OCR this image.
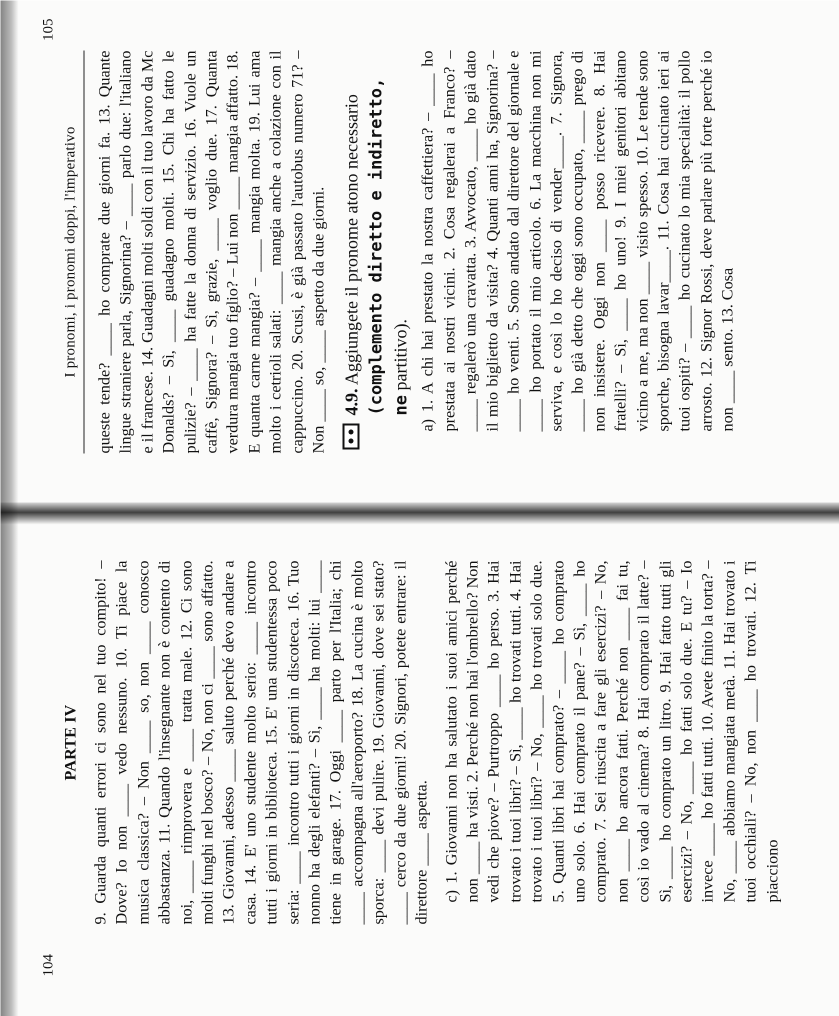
104
PARTE IV 9. Guarda quanti errori ci sono nel tuo compito! – Dove? Io non ____ vedo nessuno. 10. Ti piace la musica classica? – Non ____ so, non ____ conosco abbastanza. 11. Quando l'insegnante non è contento di noi, ____ rimprovera e ____ tratta male. 12. Ci sono molti funghi nel bosco? – No, non ci ____ sono affatto. 13. Giovanni, adesso ____ saluto perché devo andare a casa. 14. E' uno studente molto serio: ____ incontro tutti i giorni in biblioteca. 15. E' una studentessa poco seria: ____ incontro tutti i giorni in discoteca. 16. Tuo nonno ha degli elefanti? – Sì, ____ ha molti: lui ____ tiene in garage. 17. Oggi ____ parto per l'Italia; chi ____ accompagna all'aeroporto? 18. La cucina è molto sporca: ____ devi pulire. 19. Giovanni, dove sei stato? ____ cerco da due giorni! 20. Signori, potete entrare: il direttore ____ aspetta. c) 1. Giovanni non ha salutato i suoi amici perché non ____ ha visti. 2. Perché non hai l'ombrello? Non vedi che piove? – Purtroppo ____ ho perso. 3. Hai trovato i tuoi libri? – Sì, ____ ho trovati tutti. 4. Hai trovato i tuoi libri? – No, ____ ho trovati solo due. 5. Quanti libri hai comprato? – ____ ho comprato uno solo. 6. Hai comprato il pane? – Sì, ____ ho comprato. 7. Sei riuscita a fare gli esercizi? – No, non ____ ho ancora fatti. Perché non ____ fai tu, così io vado al cinema? 8. Hai comprato il latte? – Sì, ____ ho comprato un litro. 9. Hai fatto tutti gli esercizi? – No, ____ ho fatti solo due. E tu? – Io invece ____ ho fatti tutti. 10. Avete finito la torta? – No, ____ abbiamo mangiata metà. 11. Hai trovato i tuoi occhiali? – No, non ____ ho trovati. 12. Ti piacciono

105
I pronomi, i pronomi doppi, l'imperativo	queste tende? ____ ho comprate due giorni fa. 13. Quante lingue straniere parla, Signorina? – ____ parlo due: l'italiano e il francese. 14. Guadagni molti soldi con il tuo lavoro da Mc Donalds? – Sì, ____ guadagno molti. 15. Chi ha fatto le pulizie? – ____ ha fatte la donna di servizio. 16. Vuole un caffè, Signora? – Sì, grazie, ____ voglio due. 17. Quanta verdura mangia tuo figlio? – Lui non ____ mangia affatto. 18. E quanta carne mangia? – ____ mangia molta. 19. Lui ama molto i cetrioli salati: ____ mangia anche a colazione con il cappuccino. 20. Scusi, è già passato l'autobus numero 71? – Non ____ so, ____ aspetto da due giorni. 4.9. Aggiungete il pronome atono necessario (complemento diretto e indiretto, ne partitivo). a) 1. A chi hai prestato la nostra caffettiera? – ____ ho prestata ai nostri vicini. 2. Cosa regalerai a Franco? – ____ regalerò una cravatta. 3. Avvocato, ____ ho già dato il mio biglietto da visita? 4. Quanti anni ha, Signorina? – ____ ho venti. 5. Sono andato dal direttore del giornale e ____ ho portato il mio articolo. 6. La macchina non mi serviva, e così lo ho deciso di vender____. 7. Signora, ____ ho già detto che oggi sono occupato, ____ prego di non insistere. Oggi non ____ posso ricevere. 8. Hai fratelli? – Sì, ____ ho uno! 9. I miei genitori abitano vicino a me, ma non ____ visito spesso. 10. Le tende sono sporche, bisogna lavar____. 11. Cosa hai cucinato ieri ai tuoi ospiti? – ____ ho cucinato lo mia specialità: il pollo arrosto. 12. Signor Rossi, deve parlare più forte perché io non ____ sento. 13. Cosa
